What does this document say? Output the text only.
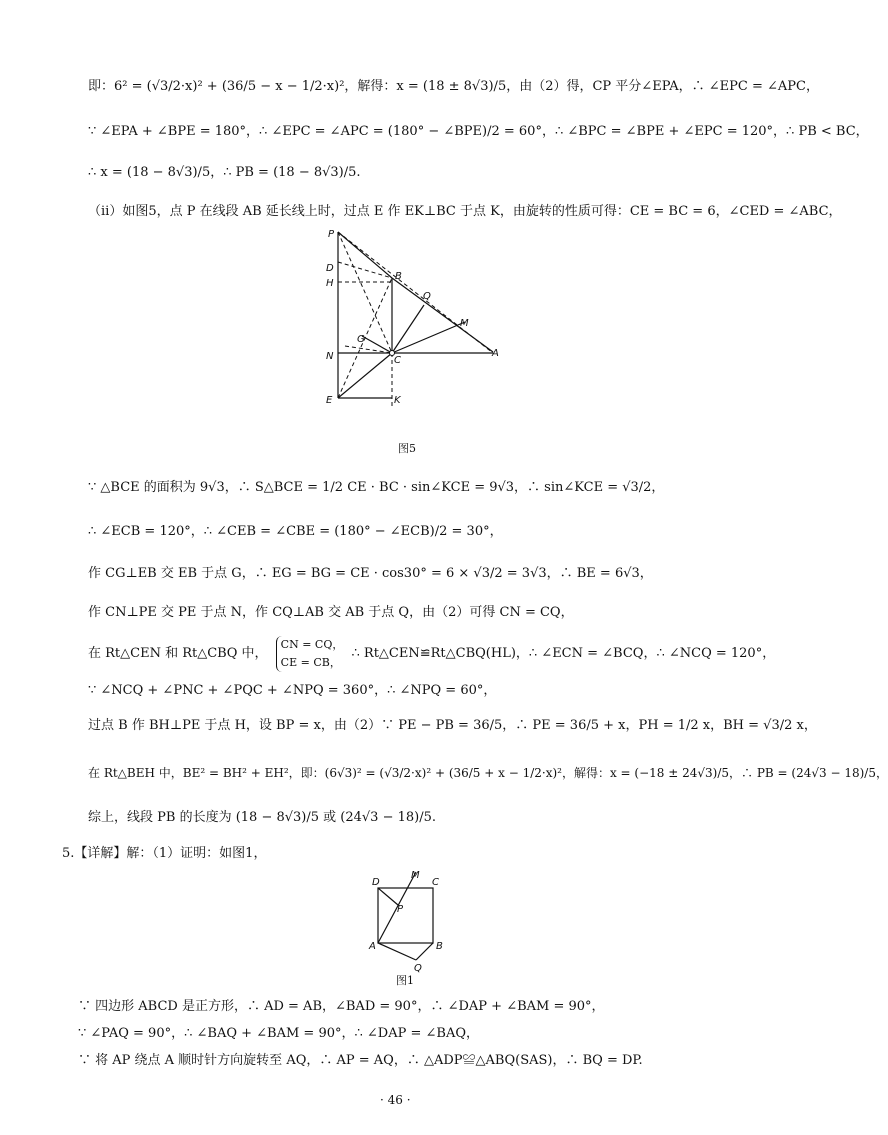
即：6² = (√3/2·x)² + (36/5 − x − 1/2·x)²，解得：x = (18 ± 8√3)/5，由（2）得，CP 平分∠EPA，∴ ∠EPC = ∠APC，
∵ ∠EPA + ∠BPE = 180°，∴ ∠EPC = ∠APC = (180° − ∠BPE)/2 = 60°，∴ ∠BPC = ∠BPE + ∠EPC = 120°，∴ PB < BC，
∴ x = (18 − 8√3)/5，∴ PB = (18 − 8√3)/5.
（ⅱ）如图5，点 P 在线段 AB 延长线上时，过点 E 作 EK⊥BC 于点 K，由旋转的性质可得：CE = BC = 6，∠CED = ∠ABC，
P
D
B
H
Q
M
G
N	C
A
E	K
图5
∵ △BCE 的面积为 9√3，∴ S△BCE = 1/2 CE · BC · sin∠KCE = 9√3，∴ sin∠KCE = √3/2，
∴ ∠ECB = 120°，∴ ∠CEB = ∠CBE = (180° − ∠ECB)/2 = 30°，
作 CG⊥EB 交 EB 于点 G，∴ EG = BG = CE · cos30° = 6 × √3/2 = 3√3，∴ BE = 6√3，
作 CN⊥PE 交 PE 于点 N，作 CQ⊥AB 交 AB 于点 Q，由（2）可得 CN = CQ，
在 Rt△CEN 和 Rt△CBQ 中，
CN = CQ，
CE = CB，
∴ Rt△CEN≌Rt△CBQ(HL)，∴ ∠ECN = ∠BCQ，∴ ∠NCQ = 120°，
∵ ∠NCQ + ∠PNC + ∠PQC + ∠NPQ = 360°，∴ ∠NPQ = 60°，
过点 B 作 BH⊥PE 于点 H，设 BP = x，由（2）∵ PE − PB = 36/5，∴ PE = 36/5 + x，PH = 1/2 x，BH = √3/2 x，
在 Rt△BEH 中，BE² = BH² + EH²，即：(6√3)² = (√3/2·x)² + (36/5 + x − 1/2·x)²，解得：x = (−18 ± 24√3)/5，∴ PB = (24√3 − 18)/5，
综上，线段 PB 的长度为 (18 − 8√3)/5 或 (24√3 − 18)/5.
5.【详解】解：（1）证明：如图1，
D
M
C
P
A	B
Q
图1
∵ 四边形 ABCD 是正方形，∴ AD = AB，∠BAD = 90°，∴ ∠DAP + ∠BAM = 90°，
∵ ∠PAQ = 90°，∴ ∠BAQ + ∠BAM = 90°，∴ ∠DAP = ∠BAQ，
∵ 将 AP 绕点 A 顺时针方向旋转至 AQ，∴ AP = AQ，∴ △ADP≌△ABQ(SAS)，∴ BQ = DP.
· 46 ·
